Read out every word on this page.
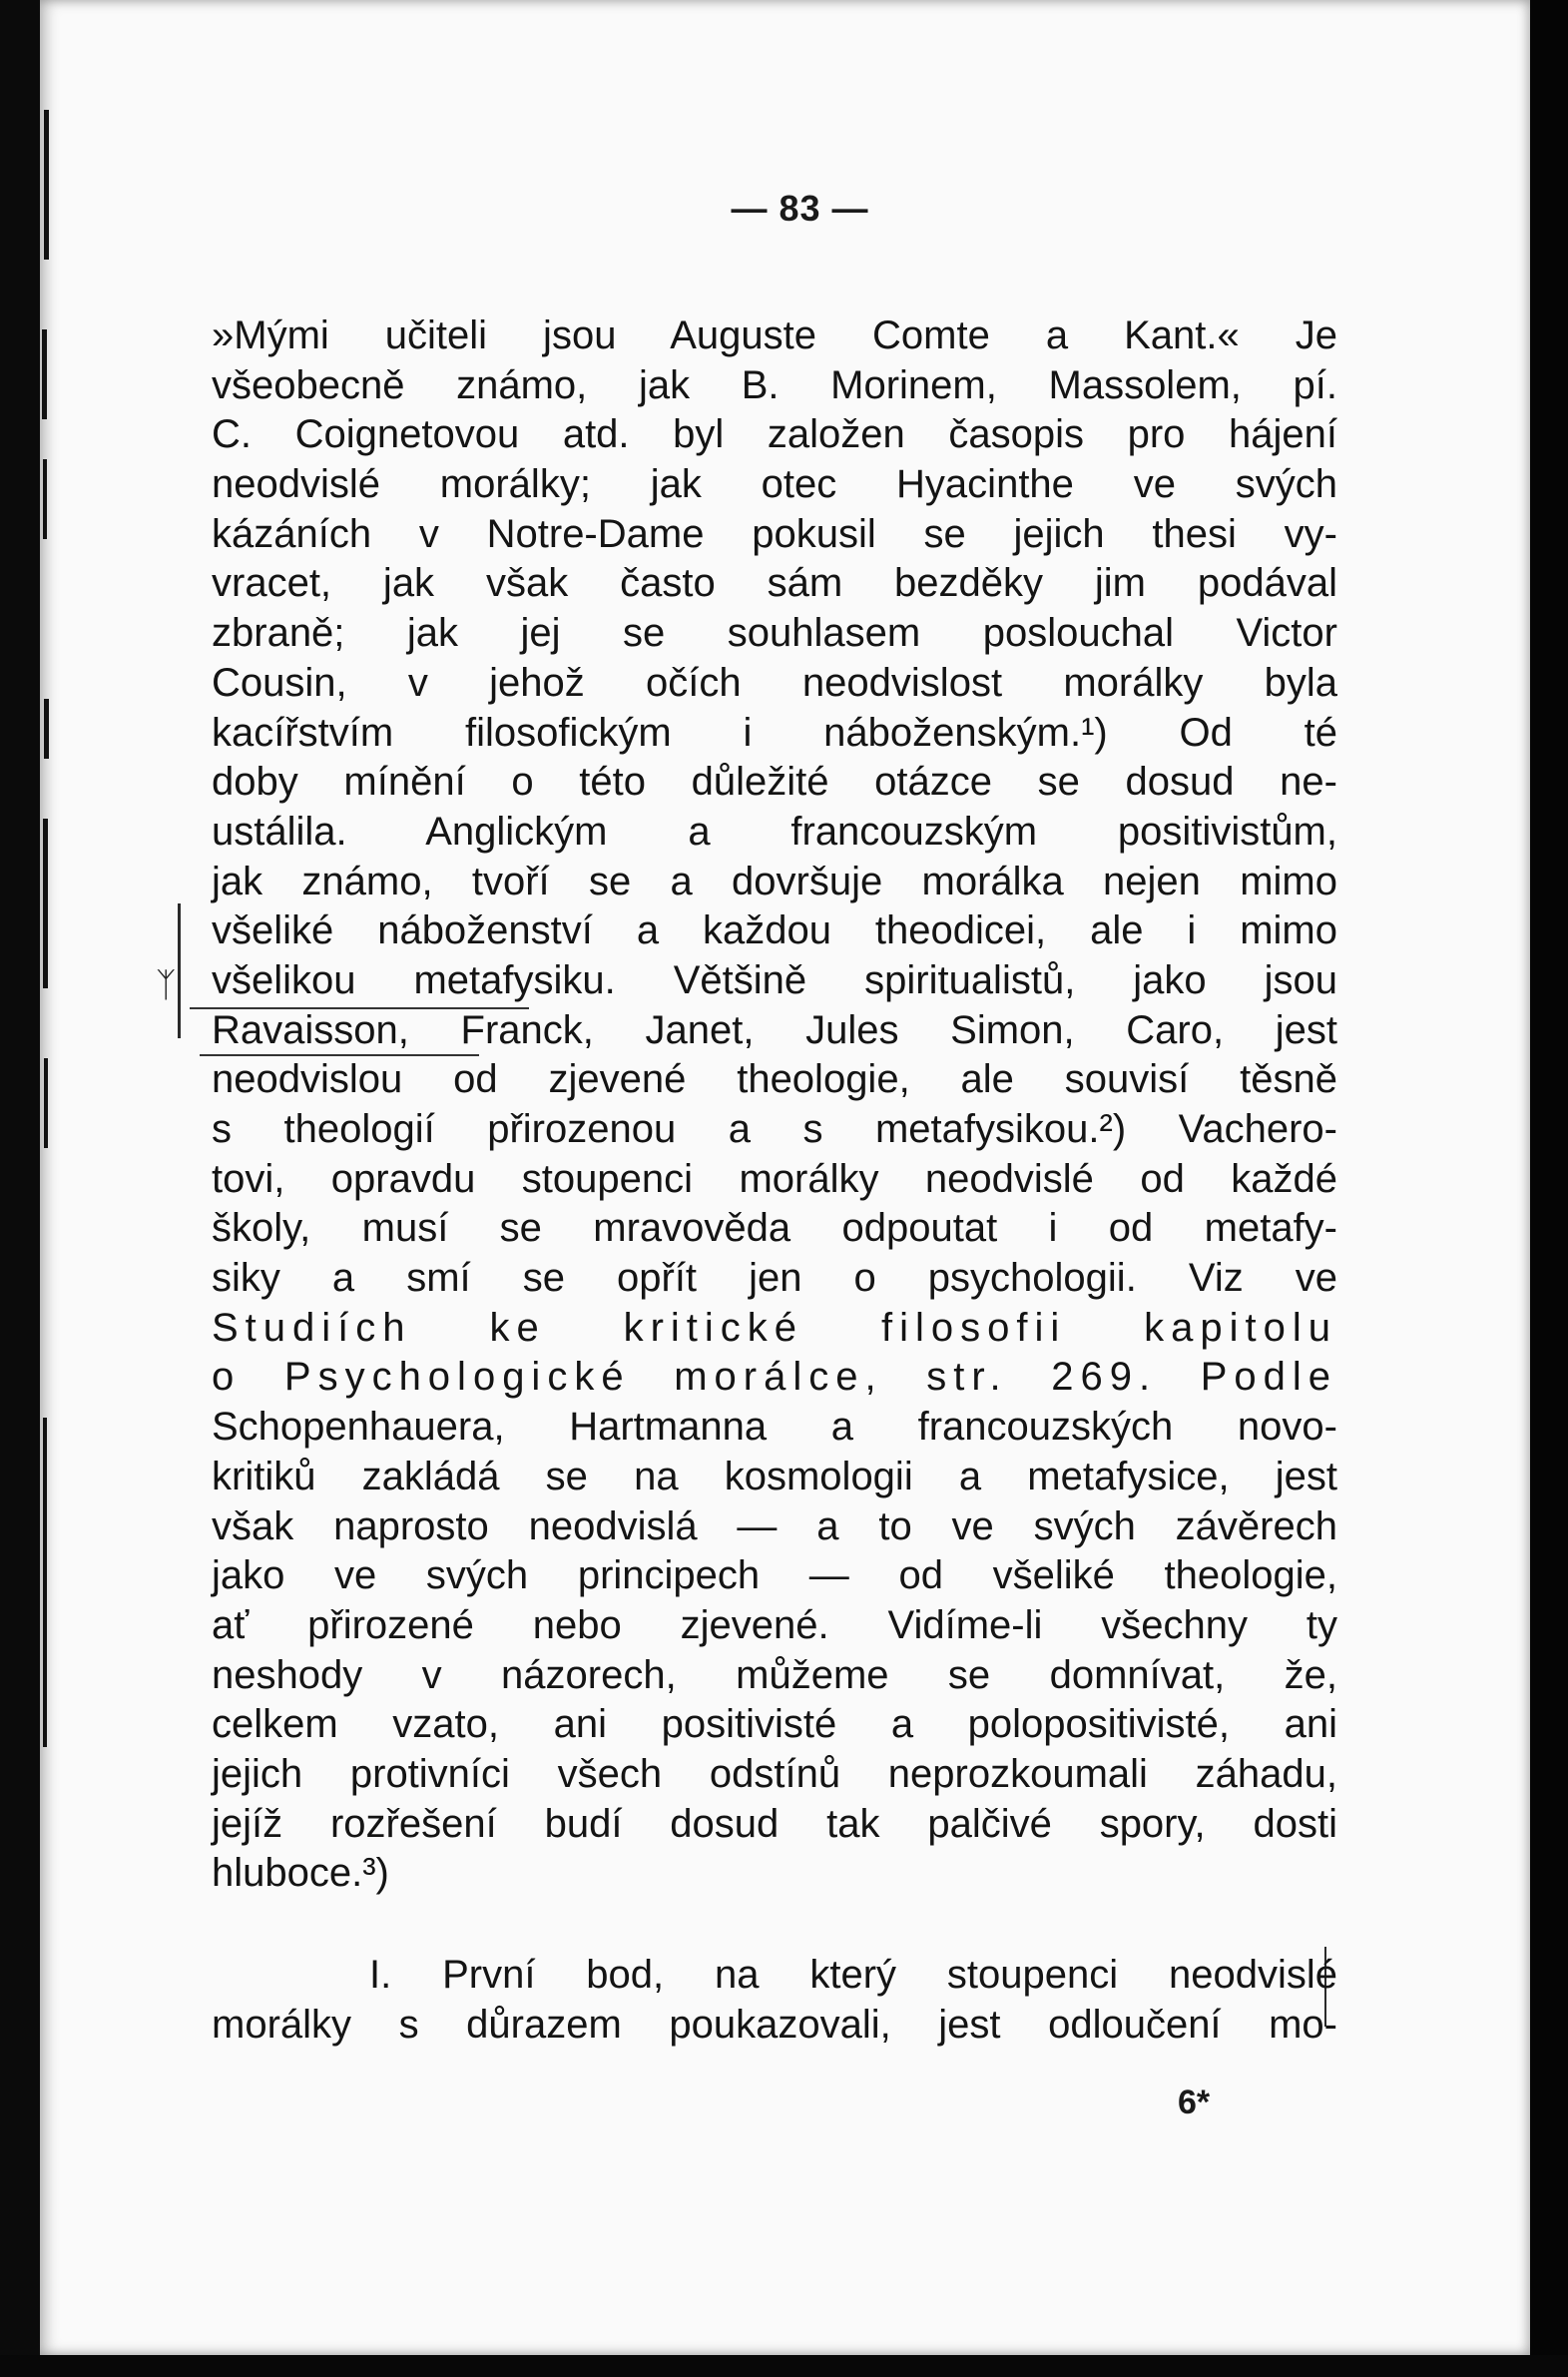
ᛉ
— 83 —
»Mými učiteli jsou Auguste Comte a Kant.« Je
všeobecně známo, jak B. Morinem, Massolem, pí.
C. Coignetovou atd. byl založen časopis pro hájení
neodvislé morálky; jak otec Hyacinthe ve svých
kázáních v Notre-Dame pokusil se jejich thesi vy-
vracet, jak však často sám bezděky jim podával
zbraně; jak jej se souhlasem poslouchal Victor
Cousin, v jehož očích neodvislost morálky byla
kacířstvím filosofickým i náboženským.¹) Od té
doby mínění o této důležité otázce se dosud ne-
ustálila. Anglickým a francouzským positivistům,
jak známo, tvoří se a dovršuje morálka nejen mimo
všeliké náboženství a každou theodicei, ale i mimo
všelikou metafysiku. Většině spiritualistů, jako jsou
Ravaisson, Franck, Janet, Jules Simon, Caro, jest
neodvislou od zjevené theologie, ale souvisí těsně
s theologií přirozenou a s metafysikou.²) Vachero-
tovi, opravdu stoupenci morálky neodvislé od každé
školy, musí se mravověda odpoutat i od metafy-
siky a smí se opřít jen o psychologii. Viz ve
Studiích ke kritické filosofii kapitolu
o Psychologické morálce, str. 269. Podle
Schopenhauera, Hartmanna a francouzských novo-
kritiků zakládá se na kosmologii a metafysice, jest
však naprosto neodvislá — a to ve svých závěrech
jako ve svých principech — od všeliké theologie,
ať přirozené nebo zjevené. Vidíme-li všechny ty
neshody v názorech, můžeme se domnívat, že,
celkem vzato, ani positivisté a polopositivisté, ani
jejich protivníci všech odstínů neprozkoumali záhadu,
jejíž rozřešení budí dosud tak palčivé spory, dosti
hluboce.³)
I. První bod, na který stoupenci neodvislé
morálky s důrazem poukazovali, jest odloučení mo-
6*
